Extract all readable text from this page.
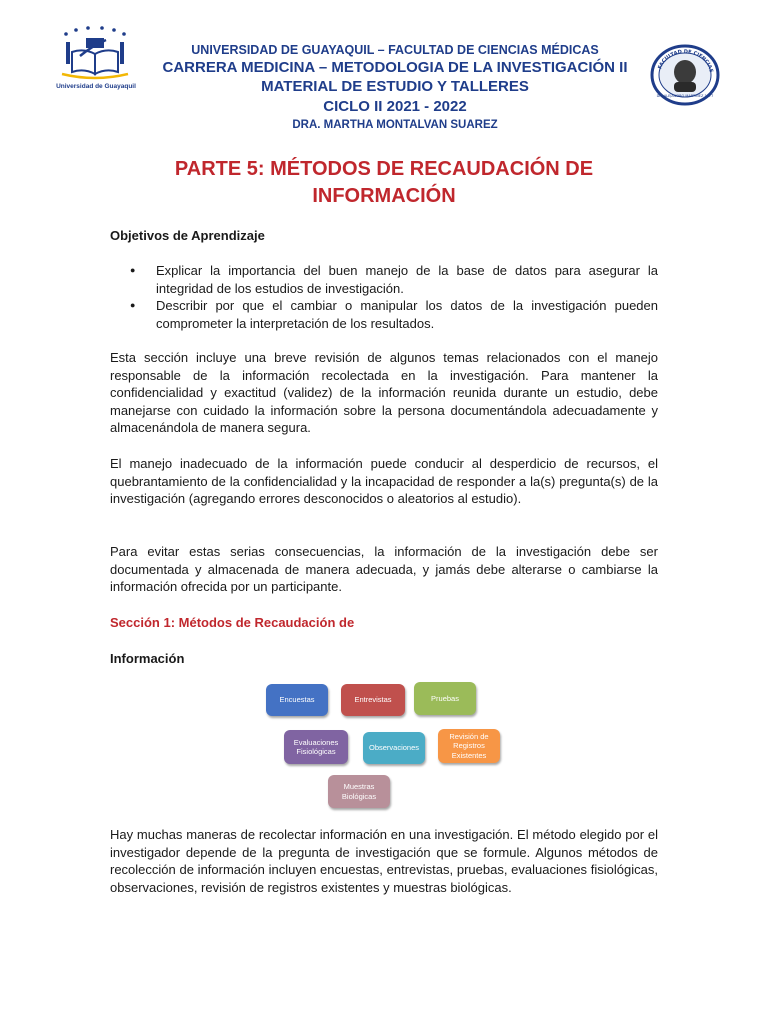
Universidad de Guayaquil
UNIVERSIDAD DE GUAYAQUIL – FACULTAD DE CIENCIAS MÉDICAS
CARRERA MEDICINA – METODOLOGIA DE LA INVESTIGACIÓN II
MATERIAL DE ESTUDIO Y TALLERES
CICLO II 2021 - 2022
DRA. MARTHA MONTALVAN SUAREZ
FACULTAD DE CIENCIAS
DR. ALEJANDRO MARTINEZ 1877
PARTE 5: MÉTODOS DE RECAUDACIÓN DE
INFORMACIÓN
Objetivos de Aprendizaje
● Explicar la importancia del buen manejo de la base de datos para asegurar la integridad de los estudios de investigación.
● Describir por que el cambiar o manipular los datos de la investigación pueden comprometer la interpretación de los resultados.
Esta sección incluye una breve revisión de algunos temas relacionados con el manejo responsable de la información recolectada en la investigación. Para mantener la confidencialidad y exactitud (validez) de la información reunida durante un estudio, debe manejarse con cuidado la información sobre la persona documentándola adecuadamente y almacenándola de manera segura.
El manejo inadecuado de la información puede conducir al desperdicio de recursos, el quebrantamiento de la confidencialidad y la incapacidad de responder a la(s) pregunta(s) de la investigación (agregando errores desconocidos o aleatorios al estudio).
Para evitar estas serias consecuencias, la información de la investigación debe ser documentada y almacenada de manera adecuada, y jamás debe alterarse o cambiarse la información ofrecida por un participante.
Sección 1: Métodos de Recaudación de
Información
Encuestas	Entrevistas	Pruebas
Evaluaciones Fisiológicas	Observaciones
Revisión de Registros Existentes
Muestras Biológicas
Hay muchas maneras de recolectar información en una investigación. El método elegido por el investigador depende de la pregunta de investigación que se formule. Algunos métodos de recolección de información incluyen encuestas, entrevistas, pruebas, evaluaciones fisiológicas, observaciones, revisión de registros existentes y muestras biológicas.
